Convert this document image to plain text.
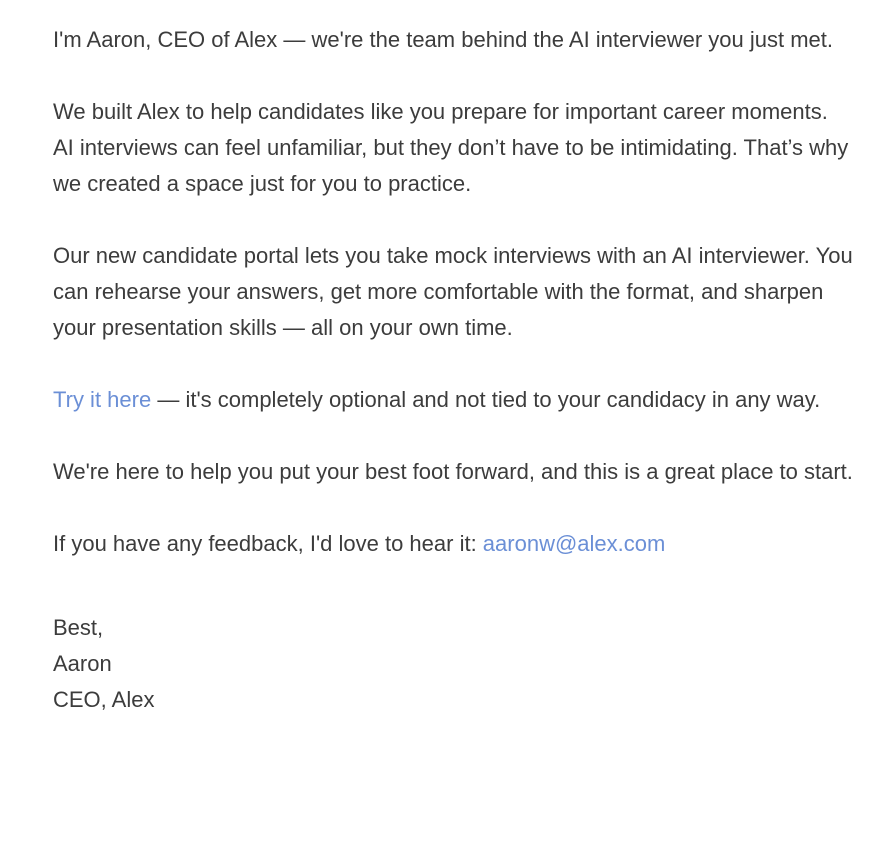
I'm Aaron, CEO of Alex — we're the team behind the AI interviewer you just met.

We built Alex to help candidates like you prepare for important career moments. AI interviews can feel unfamiliar, but they don’t have to be intimidating. That’s why we created a space just for you to practice.

Our new candidate portal lets you take mock interviews with an AI interviewer. You can rehearse your answers, get more comfortable with the format, and sharpen your presentation skills — all on your own time.

Try it here — it's completely optional and not tied to your candidacy in any way.

We're here to help you put your best foot forward, and this is a great place to start.

If you have any feedback, I'd love to hear it: aaronw@alex.com

Best,
Aaron
CEO, Alex
